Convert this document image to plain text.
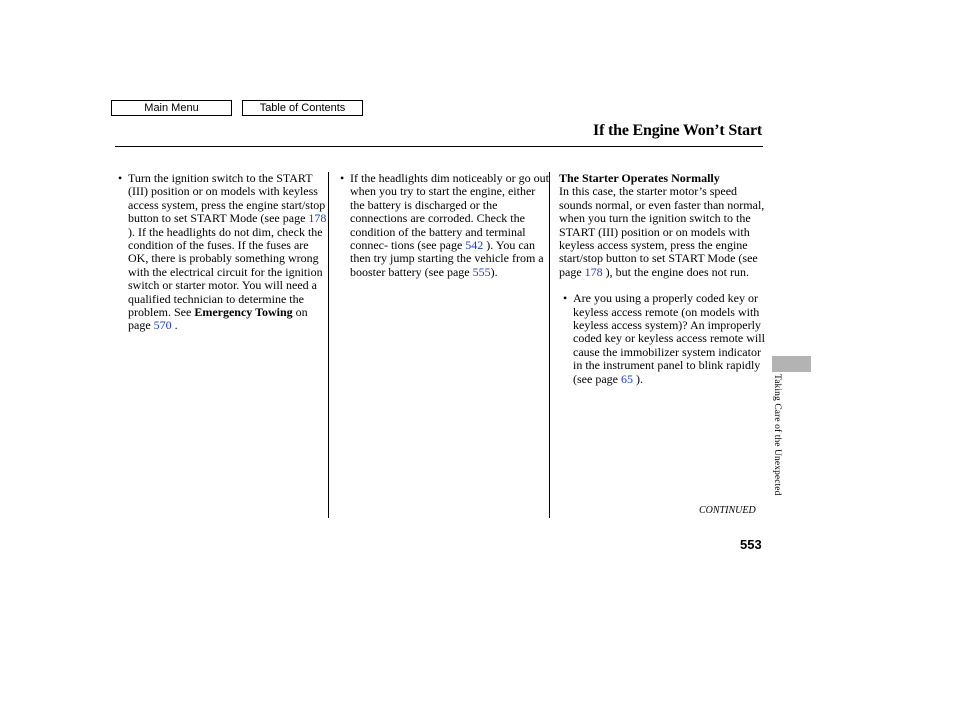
Main Menu	Table of Contents
If the Engine Won’t Start
• Turn the ignition switch to the START (III) position or on models with keyless access system, press the engine start/stop button to set START Mode (see page 178 ). If the headlights do not dim, check the condition of the fuses. If the fuses are OK, there is probably something wrong with the electrical circuit for the ignition switch or starter motor. You will need a qualified technician to determine the problem. See Emergency Towing on page 570 .
• If the headlights dim noticeably or go out when you try to start the engine, either the battery is discharged or the connections are corroded. Check the condition of the battery and terminal connec- tions (see page 542 ). You can then try jump starting the vehicle from a booster battery (see page 555).
The Starter Operates Normally
In this case, the starter motor’s speed sounds normal, or even faster than normal, when you turn the ignition switch to the START (III) position or on models with keyless access system, press the engine start/stop button to set START Mode (see page 178 ), but the engine does not run.
• Are you using a properly coded key or keyless access remote (on models with keyless access system)? An improperly coded key or keyless access remote will cause the immobilizer system indicator in the instrument panel to blink rapidly (see page 65 ).	Taking Care of the Unexpected
CONTINUED
553
